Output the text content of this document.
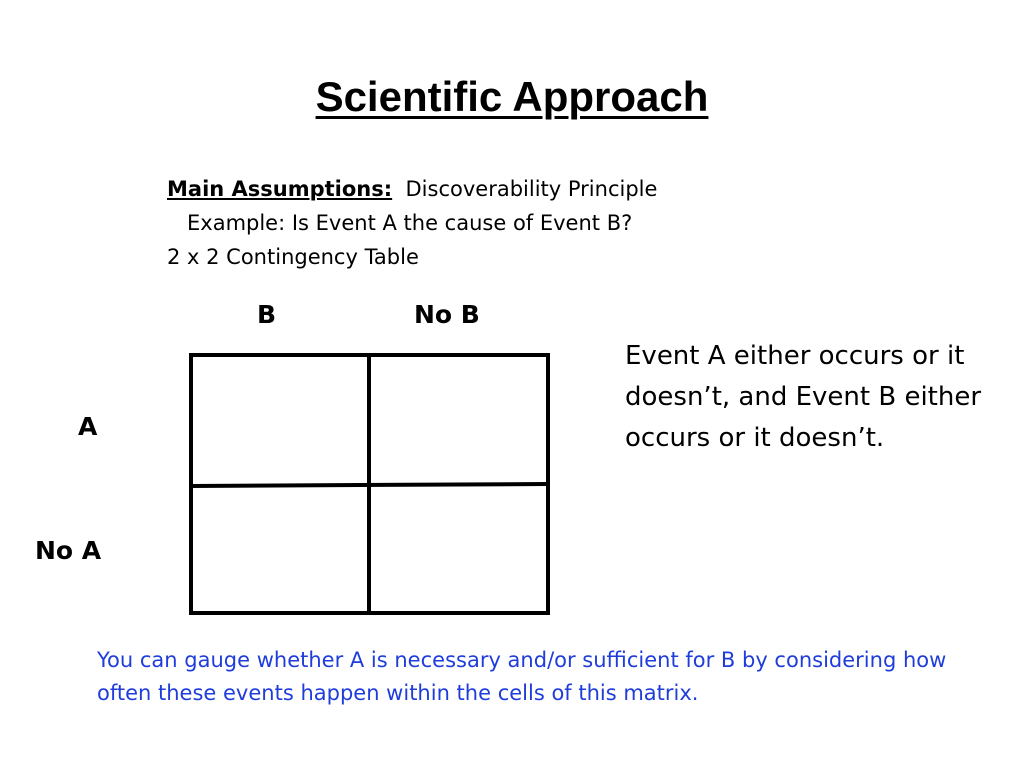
Scientific Approach
Main Assumptions: Discoverability Principle
Example: Is Event A the cause of Event B?
2 x 2 Contingency Table
B	No B
A
No A
Event A either occurs or it doesn’t, and Event B either occurs or it doesn’t.
You can gauge whether A is necessary and/or sufficient for B by considering how often these events happen within the cells of this matrix.
